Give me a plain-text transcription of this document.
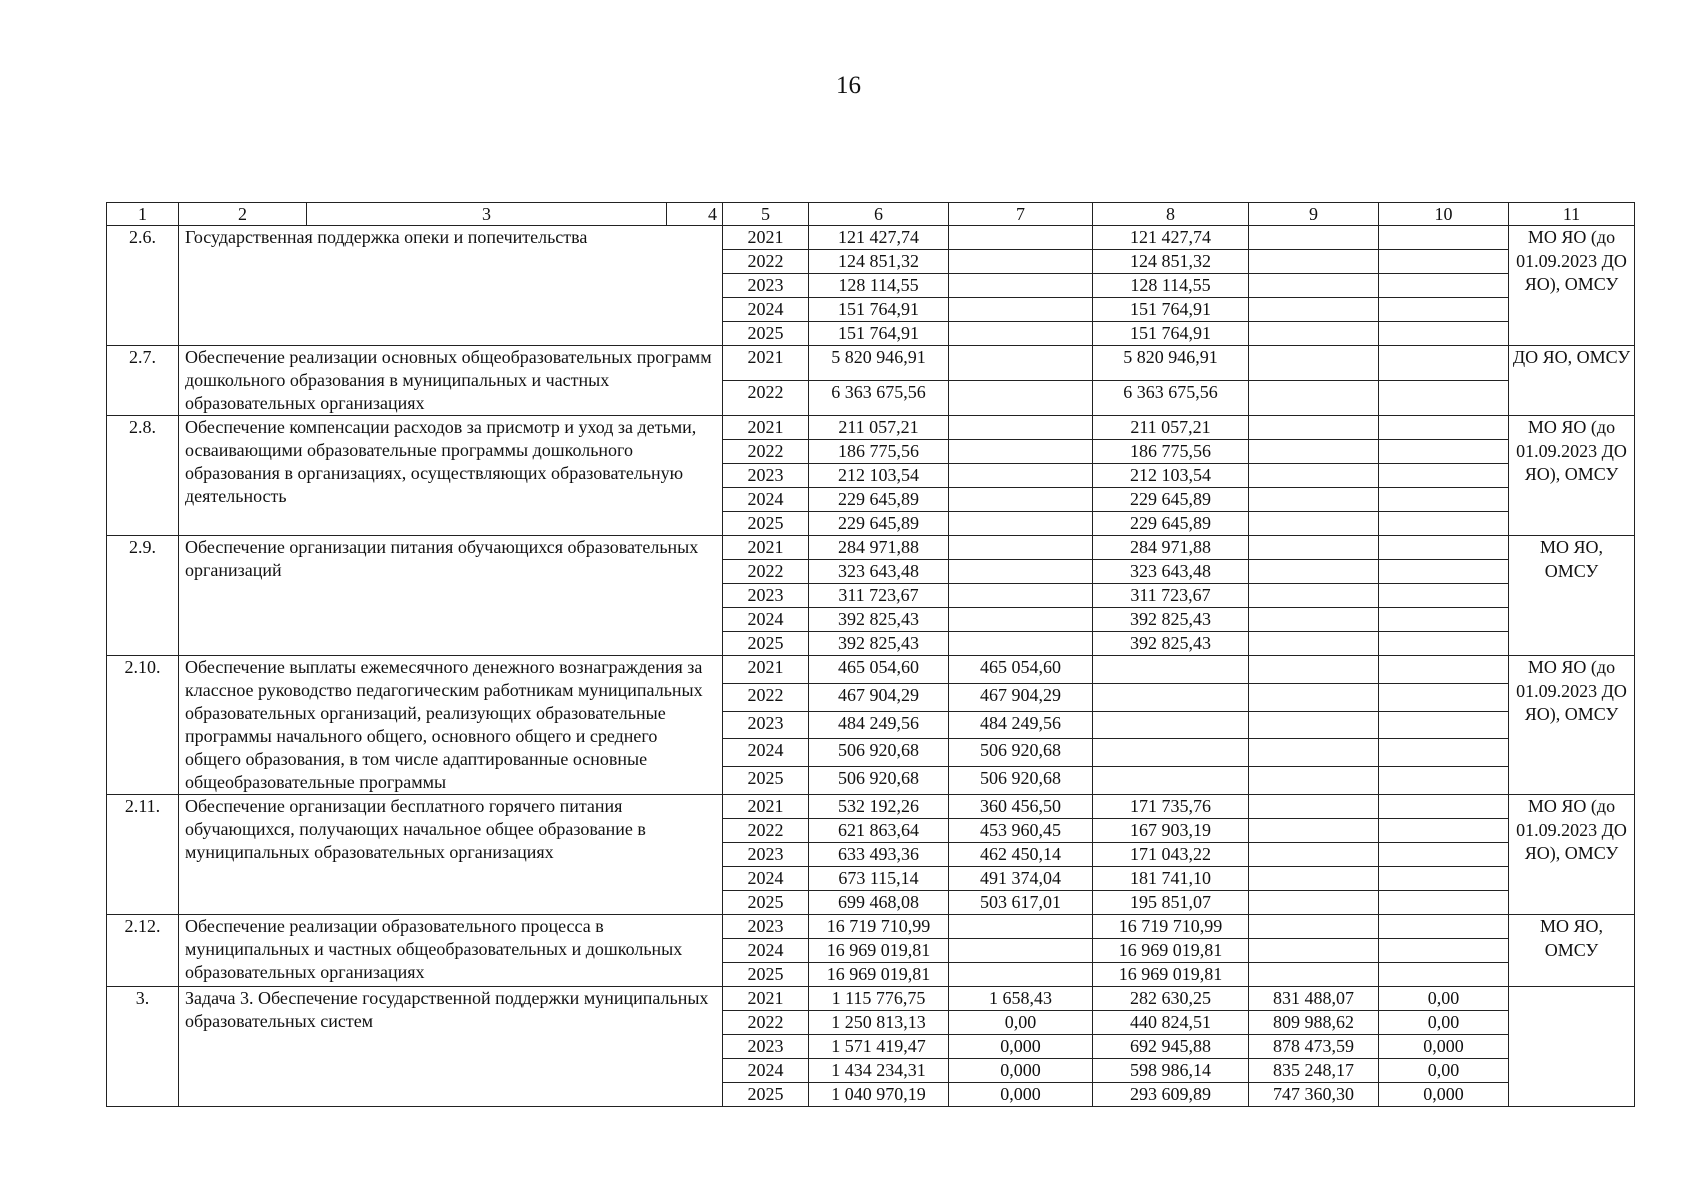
16
1	2	3	4	5	6	7	8	9	10	11
2.6.	Государственная поддержка опеки и попечительства			2021	121 427,74		121 427,74			МО ЯО (до 01.09.2023 ДО ЯО), ОМСУ
				2022	124 851,32		124 851,32			
				2023	128 114,55		128 114,55			
				2024	151 764,91		151 764,91			
				2025	151 764,91		151 764,91			
2.7.	Обеспечение реализации основных общеобразовательных программ дошкольного образования в муниципальных и частных образовательных организациях			2021	5 820 946,91		5 820 946,91			ДО ЯО, ОМСУ
				2022	6 363 675,56		6 363 675,56			
2.8.	Обеспечение компенсации расходов за присмотр и уход за детьми, осваивающими образовательные программы дошкольного образования в организациях, осуществляющих образовательную деятельность			2021	211 057,21		211 057,21			МО ЯО (до 01.09.2023 ДО ЯО), ОМСУ
				2022	186 775,56		186 775,56			
				2023	212 103,54		212 103,54			
				2024	229 645,89		229 645,89			
				2025	229 645,89		229 645,89			
2.9.	Обеспечение организации питания обучающихся образовательных организаций			2021	284 971,88		284 971,88			МО ЯО, ОМСУ
				2022	323 643,48		323 643,48			
				2023	311 723,67		311 723,67			
				2024	392 825,43		392 825,43			
				2025	392 825,43		392 825,43			
2.10.	Обеспечение выплаты ежемесячного денежного вознаграждения за классное руководство педагогическим работникам муниципальных образовательных организаций, реализующих образовательные программы начального общего, основного общего и среднего общего образования, в том числе адаптированные основные общеобразовательные программы			2021	465 054,60	465 054,60				МО ЯО (до 01.09.2023 ДО ЯО), ОМСУ
				2022	467 904,29	467 904,29				
				2023	484 249,56	484 249,56				
				2024	506 920,68	506 920,68				
				2025	506 920,68	506 920,68				
2.11.	Обеспечение организации бесплатного горячего питания обучающихся, получающих начальное общее образование в муниципальных образовательных организациях			2021	532 192,26	360 456,50	171 735,76			МО ЯО (до 01.09.2023 ДО ЯО), ОМСУ
				2022	621 863,64	453 960,45	167 903,19			
				2023	633 493,36	462 450,14	171 043,22			
				2024	673 115,14	491 374,04	181 741,10			
				2025	699 468,08	503 617,01	195 851,07			
2.12.	Обеспечение реализации образовательного процесса в муниципальных и частных общеобразовательных и дошкольных образовательных организациях			2023	16 719 710,99		16 719 710,99			МО ЯО, ОМСУ
				2024	16 969 019,81		16 969 019,81			
				2025	16 969 019,81		16 969 019,81			
3.	Задача 3. Обеспечение государственной поддержки муниципальных образовательных систем			2021	1 115 776,75	1 658,43	282 630,25	831 488,07	0,00	
				2022	1 250 813,13	0,00	440 824,51	809 988,62	0,00	
				2023	1 571 419,47	0,000	692 945,88	878 473,59	0,000	
				2024	1 434 234,31	0,000	598 986,14	835 248,17	0,00	
				2025	1 040 970,19	0,000	293 609,89	747 360,30	0,000	
